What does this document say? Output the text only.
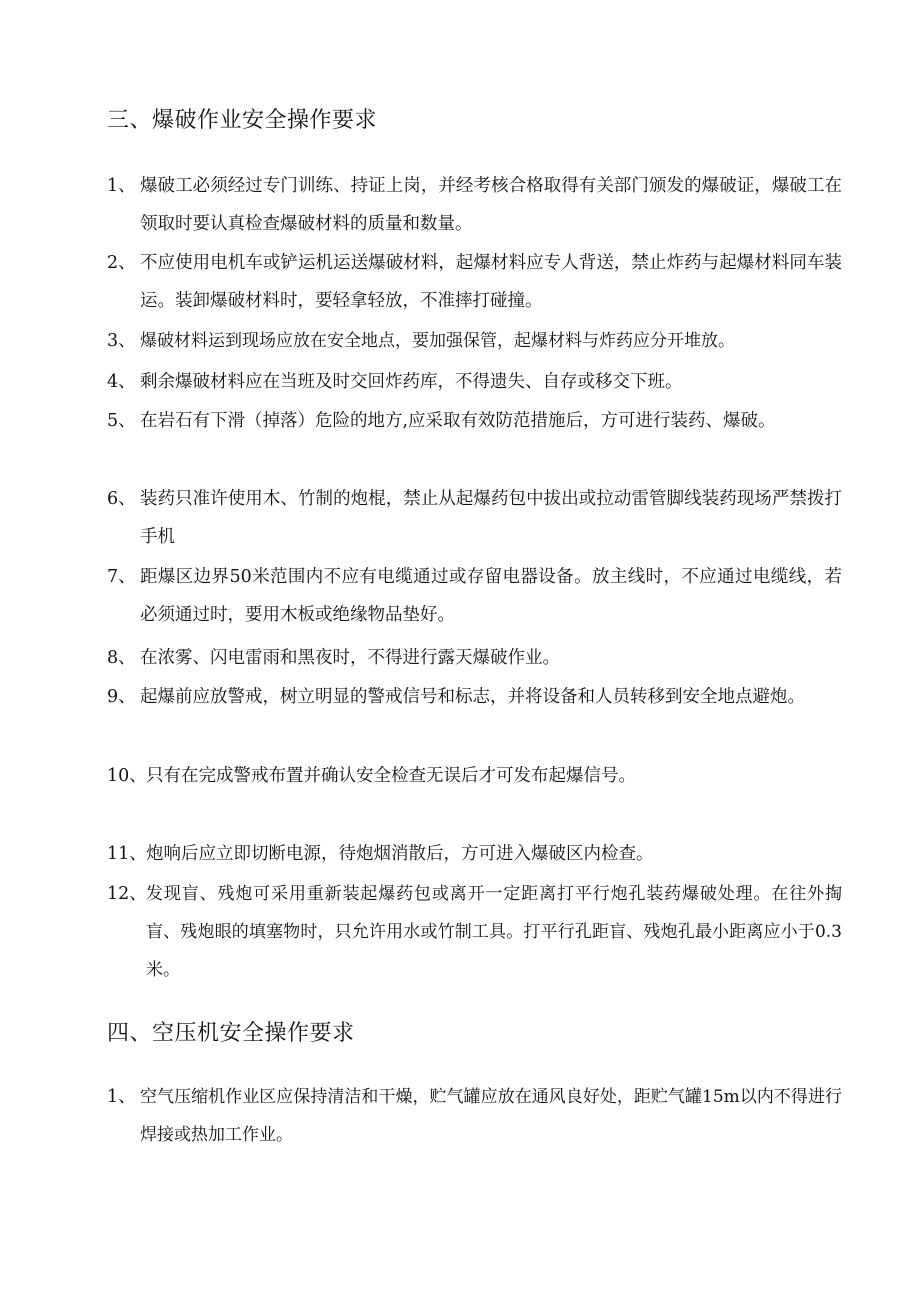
三、爆破作业安全操作要求
1、 爆破工必须经过专门训练、持证上岗，并经考核合格取得有关部门颁发的爆破证，爆破工在领取时要认真检查爆破材料的质量和数量。
2、 不应使用电机车或铲运机运送爆破材料，起爆材料应专人背送，禁止炸药与起爆材料同车装运。装卸爆破材料时，要轻拿轻放，不准摔打碰撞。
3、 爆破材料运到现场应放在安全地点，要加强保管，起爆材料与炸药应分开堆放。
4、 剩余爆破材料应在当班及时交回炸药库，不得遗失、自存或移交下班。
5、 在岩石有下滑（掉落）危险的地方,应采取有效防范措施后，方可进行装药、爆破。
6、 装药只准许使用木、竹制的炮棍，禁止从起爆药包中拔出或拉动雷管脚线装药现场严禁拨打手机
7、 距爆区边界50米范围内不应有电缆通过或存留电器设备。放主线时，不应通过电缆线，若必须通过时，要用木板或绝缘物品垫好。
8、 在浓雾、闪电雷雨和黑夜时，不得进行露天爆破作业。
9、 起爆前应放警戒，树立明显的警戒信号和标志，并将设备和人员转移到安全地点避炮。
10、 只有在完成警戒布置并确认安全检查无误后才可发布起爆信号。
11、 炮响后应立即切断电源，待炮烟消散后，方可进入爆破区内检查。
12、 发现盲、残炮可采用重新装起爆药包或离开一定距离打平行炮孔装药爆破处理。在往外掏盲、残炮眼的填塞物时，只允许用水或竹制工具。打平行孔距盲、残炮孔最小距离应小于0.3米。
四、空压机安全操作要求
1、 空气压缩机作业区应保持清洁和干燥，贮气罐应放在通风良好处，距贮气罐15m以内不得进行焊接或热加工作业。
